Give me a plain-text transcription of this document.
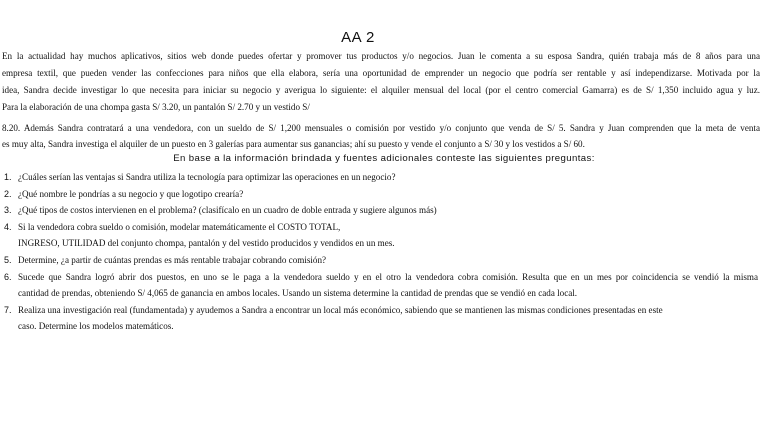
AA 2
En la actualidad hay muchos aplicativos, sitios web donde puedes ofertar y promover tus productos y/o negocios. Juan le comenta a su esposa Sandra, quién trabaja más de 8 años para una
empresa textil, que pueden vender las confecciones para niños que ella elabora, sería una oportunidad de emprender un negocio que podría ser rentable y así independizarse. Motivada por la
idea, Sandra decide investigar lo que necesita para iniciar su negocio y averigua lo siguiente: el alquiler mensual del local (por el centro comercial Gamarra) es de S/ 1,350 incluido agua y luz.
Para la elaboración de una chompa gasta S/ 3.20, un pantalón S/ 2.70 y un vestido S/
8.20. Además Sandra contratará a una vendedora, con un sueldo de S/ 1,200 mensuales o comisión por vestido y/o conjunto que venda de S/ 5. Sandra y Juan comprenden que la meta de venta
es muy alta, Sandra investiga el alquiler de un puesto en 3 galerías para aumentar sus ganancias; ahí su puesto y vende el conjunto a S/ 30 y los vestidos a S/ 60.
En base a la información brindada y fuentes adicionales conteste las siguientes preguntas:
1. ¿Cuáles serían las ventajas si Sandra utiliza la tecnología para optimizar las operaciones en un negocio?
2. ¿Qué nombre le pondrías a su negocio y que logotipo crearía?
3. ¿Qué tipos de costos intervienen en el problema? (clasifícalo en un cuadro de doble entrada y sugiere algunos más)
4. Si la vendedora cobra sueldo o comisión, modelar matemáticamente el COSTO TOTAL,
INGRESO, UTILIDAD del conjunto chompa, pantalón y del vestido producidos y vendidos en un mes.
5. Determine, ¿a partir de cuántas prendas es más rentable trabajar cobrando comisión?
6. Sucede que Sandra logró abrir dos puestos, en uno se le paga a la vendedora sueldo y en el otro la vendedora cobra comisión. Resulta que en un mes por coincidencia se vendió la misma
cantidad de prendas, obteniendo S/ 4,065 de ganancia en ambos locales. Usando un sistema determine la cantidad de prendas que se vendió en cada local.
7. Realiza una investigación real (fundamentada) y ayudemos a Sandra a encontrar un local más económico, sabiendo que se mantienen las mismas condiciones presentadas en este
caso. Determine los modelos matemáticos.
